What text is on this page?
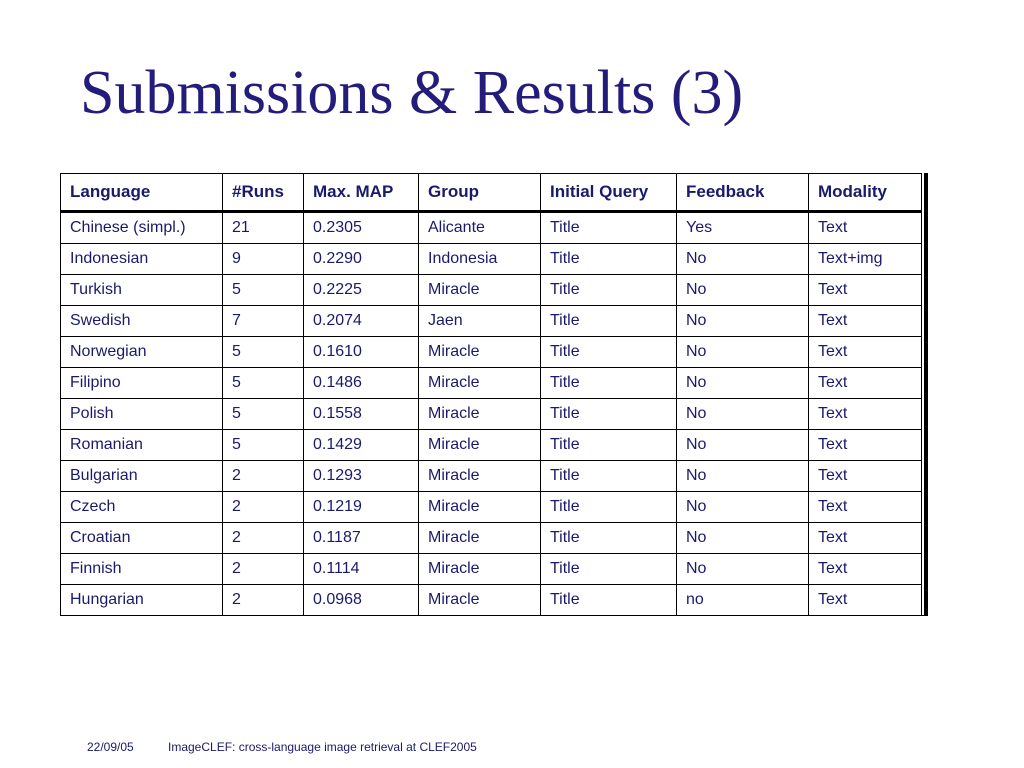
Submissions & Results (3)
Language	#Runs	Max. MAP	Group	Initial Query	Feedback	Modality
Chinese (simpl.)	21	0.2305	Alicante	Title	Yes	Text
Indonesian	9	0.2290	Indonesia	Title	No	Text+img
Turkish	5	0.2225	Miracle	Title	No	Text
Swedish	7	0.2074	Jaen	Title	No	Text
Norwegian	5	0.1610	Miracle	Title	No	Text
Filipino	5	0.1486	Miracle	Title	No	Text
Polish	5	0.1558	Miracle	Title	No	Text
Romanian	5	0.1429	Miracle	Title	No	Text
Bulgarian	2	0.1293	Miracle	Title	No	Text
Czech	2	0.1219	Miracle	Title	No	Text
Croatian	2	0.1187	Miracle	Title	No	Text
Finnish	2	0.1114	Miracle	Title	No	Text
Hungarian	2	0.0968	Miracle	Title	no	Text
22/09/05	ImageCLEF: cross-language image retrieval at CLEF2005
